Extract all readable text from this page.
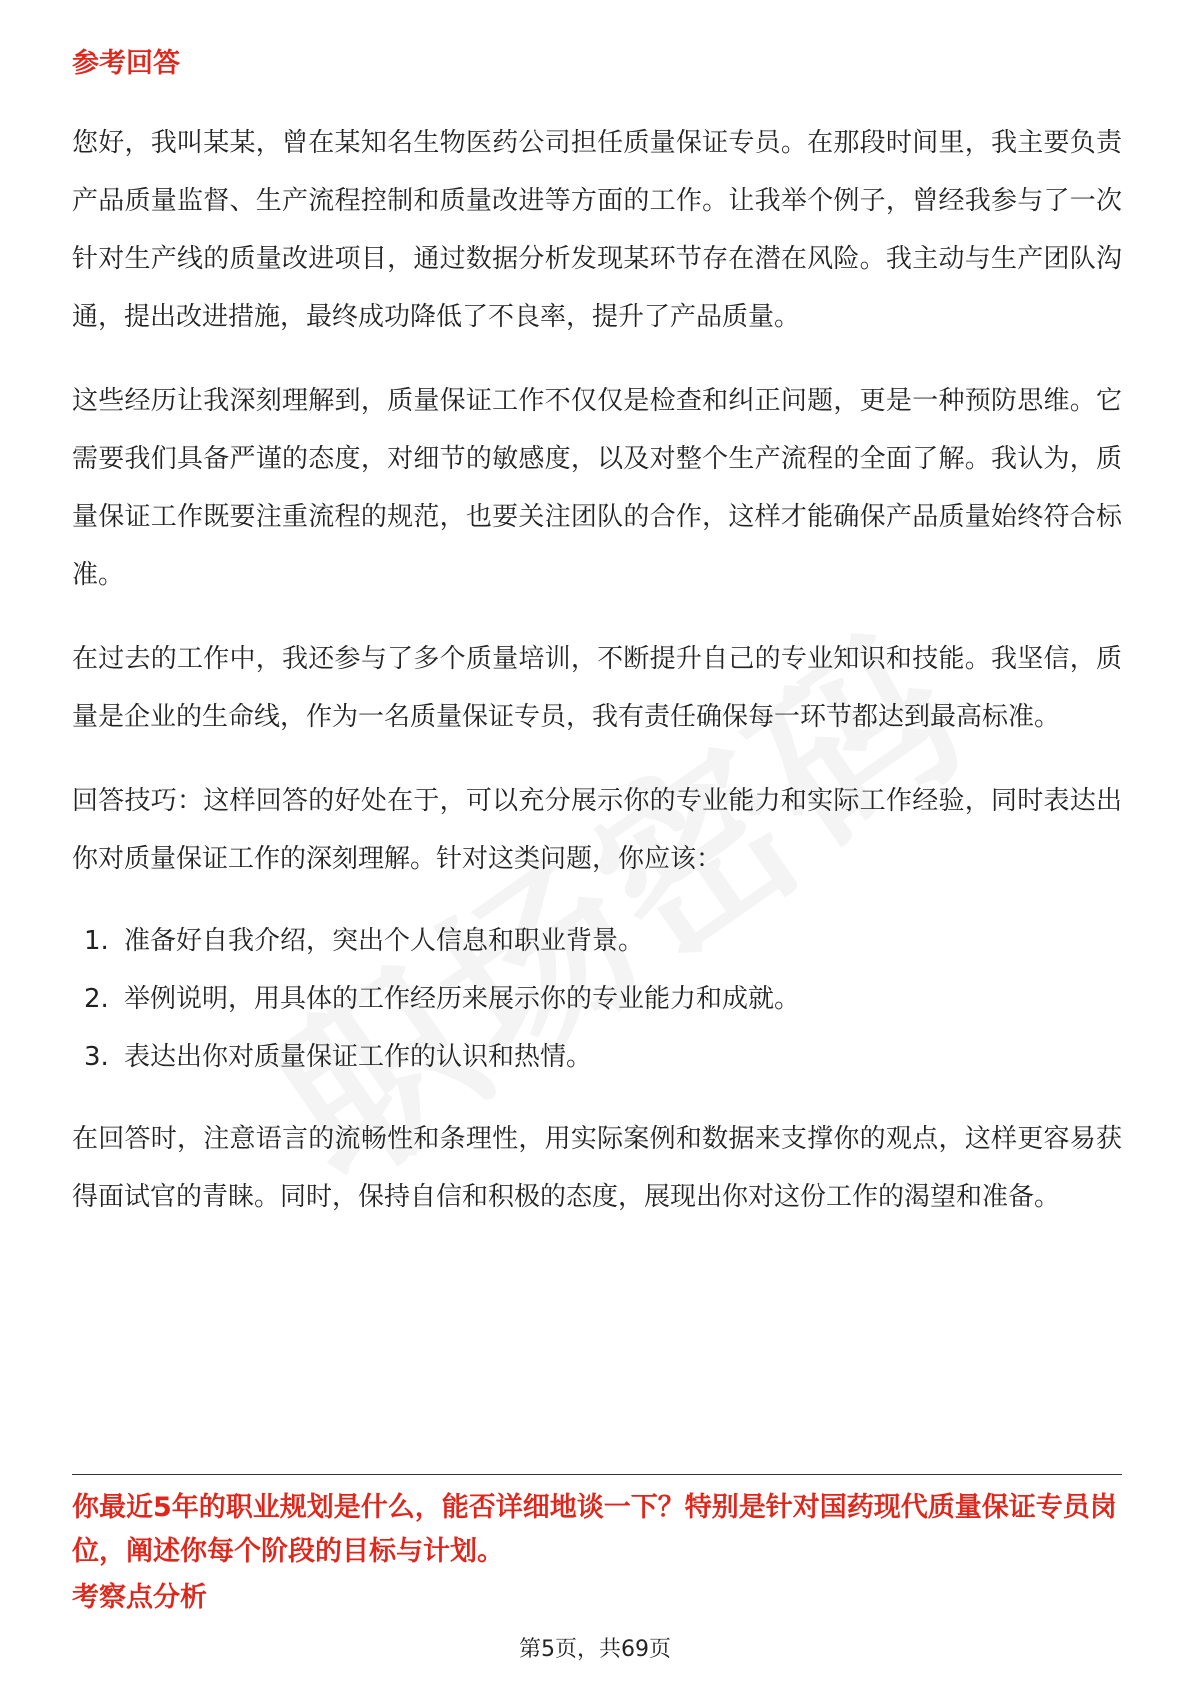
参考回答

您好，我叫某某，曾在某知名生物医药公司担任质量保证专员。在那段时间里，我主要负责产品质量监督、生产流程控制和质量改进等方面的工作。让我举个例子，曾经我参与了一次针对生产线的质量改进项目，通过数据分析发现某环节存在潜在风险。我主动与生产团队沟通，提出改进措施，最终成功降低了不良率，提升了产品质量。

这些经历让我深刻理解到，质量保证工作不仅仅是检查和纠正问题，更是一种预防思维。它需要我们具备严谨的态度，对细节的敏感度，以及对整个生产流程的全面了解。我认为，质量保证工作既要注重流程的规范，也要关注团队的合作，这样才能确保产品质量始终符合标准。

在过去的工作中，我还参与了多个质量培训，不断提升自己的专业知识和技能。我坚信，质量是企业的生命线，作为一名质量保证专员，我有责任确保每一环节都达到最高标准。

回答技巧：这样回答的好处在于，可以充分展示你的专业能力和实际工作经验，同时表达出你对质量保证工作的深刻理解。针对这类问题，你应该：

1. 准备好自我介绍，突出个人信息和职业背景。
2. 举例说明，用具体的工作经历来展示你的专业能力和成就。
3. 表达出你对质量保证工作的认识和热情。

在回答时，注意语言的流畅性和条理性，用实际案例和数据来支撑你的观点，这样更容易获得面试官的青睐。同时，保持自信和积极的态度，展现出你对这份工作的渴望和准备。

你最近5年的职业规划是什么，能否详细地谈一下？特别是针对国药现代质量保证专员岗位，阐述你每个阶段的目标与计划。

考察点分析
第5页，共69页
